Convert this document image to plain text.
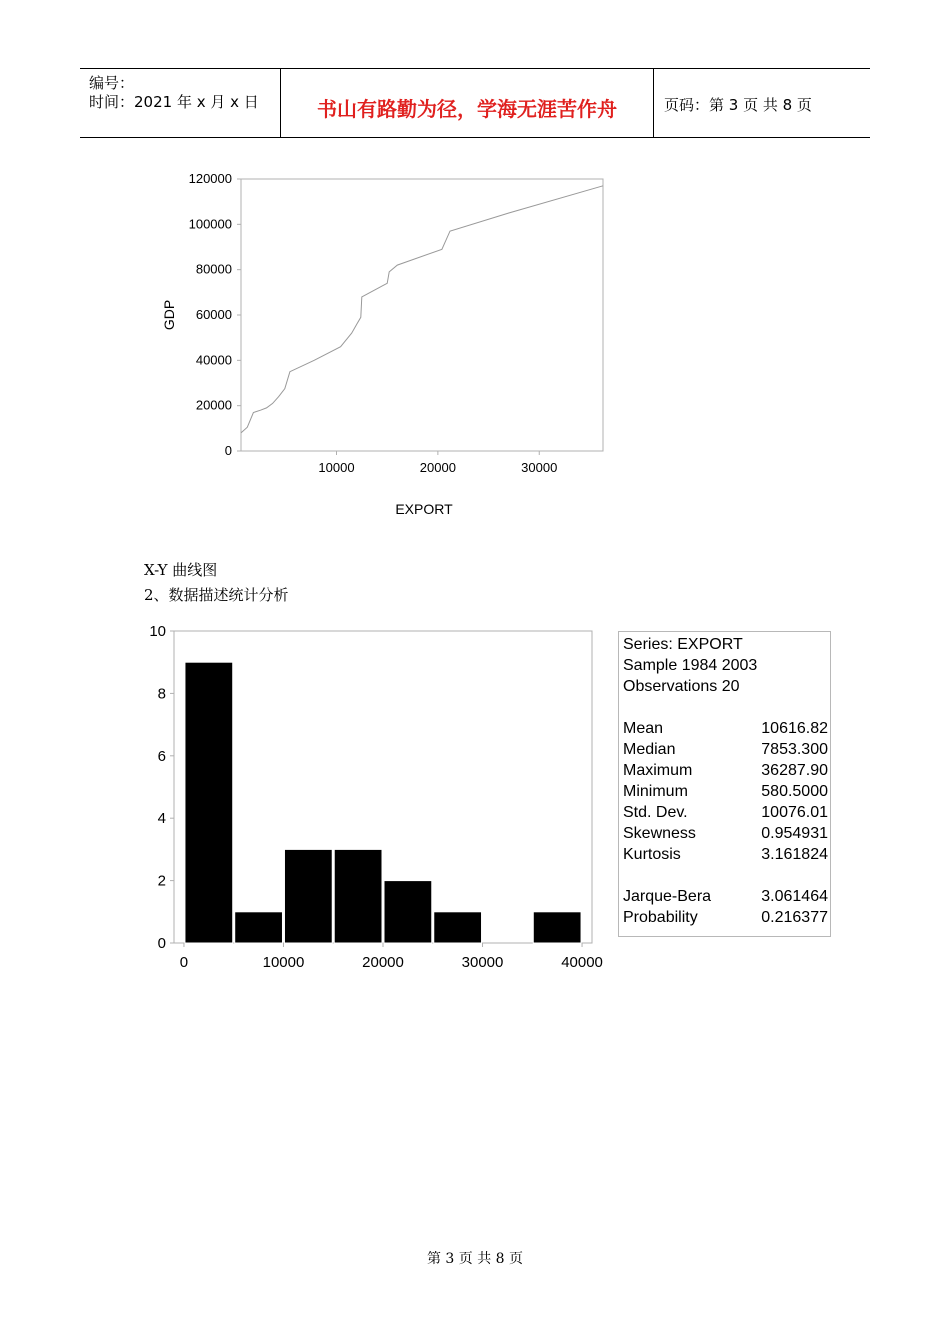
编号：
时间：2021 年 x 月 x 日	书山有路勤为径，学海无涯苦作舟	页码：第 3 页 共 8 页
0
20000
40000
60000
80000
100000
120000
10000	20000	30000
EXPORT
GDP
X-Y 曲线图
2、数据描述统计分析
0
2
4
6
8
10
0	10000	20000	30000	40000
Series: EXPORT
Sample 1984 2003
Observations 20
Mean	10616.82
Median	7853.300
Maximum	36287.90
Minimum	580.5000
Std. Dev.	10076.01
Skewness	0.954931
Kurtosis	3.161824
Jarque-Bera	3.061464
Probability	0.216377
第 3 页 共 8 页
